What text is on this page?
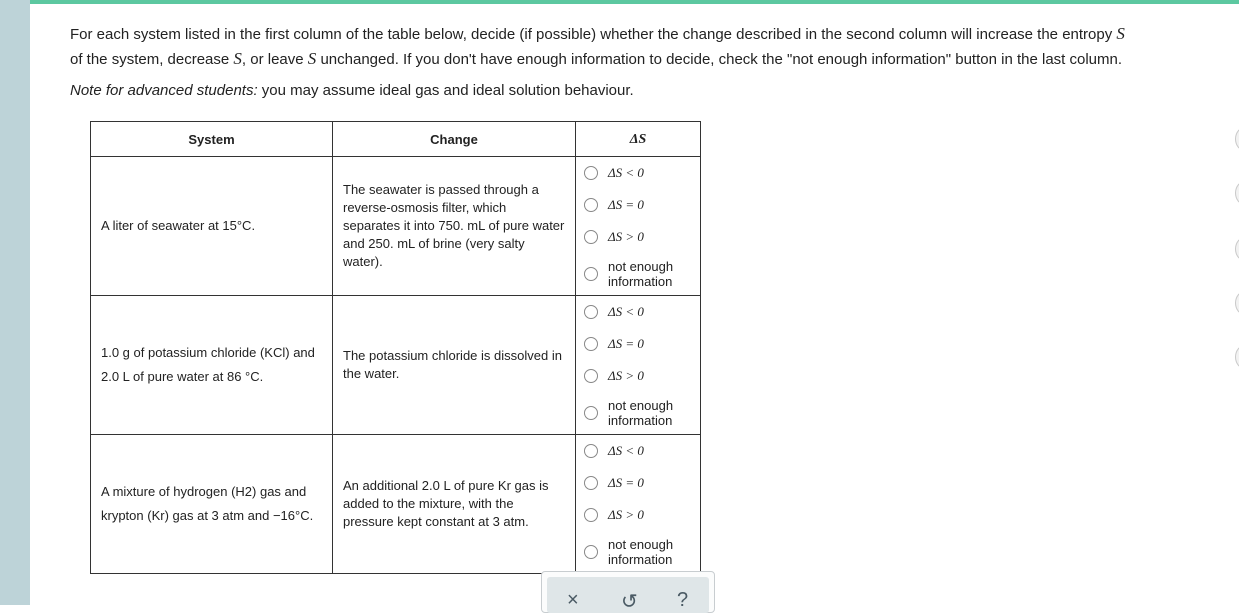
For each system listed in the first column of the table below, decide (if possible) whether the change described in the second column will increase the entropy S
of the system, decrease S, or leave S unchanged. If you don't have enough information to decide, check the "not enough information" button in the last column.

Note for advanced students: you may assume ideal gas and ideal solution behaviour.

System	Change	ΔS
A liter of seawater at 15°C.	The seawater is passed through a reverse-osmosis filter, which separates it into 750. mL of pure water and 250. mL of brine (very salty water).	ΔS < 0
ΔS = 0
ΔS > 0
not enough
information

1.0 g of potassium chloride (KCl) and 2.0 L of pure water at 86 °C.	The potassium chloride is dissolved in the water.	ΔS < 0
ΔS = 0
ΔS > 0
not enough
information

A mixture of hydrogen (H2) gas and krypton (Kr) gas at 3 atm and −16°C.	An additional 2.0 L of pure Kr gas is added to the mixture, with the pressure kept constant at 3 atm.	ΔS < 0
ΔS = 0
ΔS > 0
not enough
information
× ↺ ?
